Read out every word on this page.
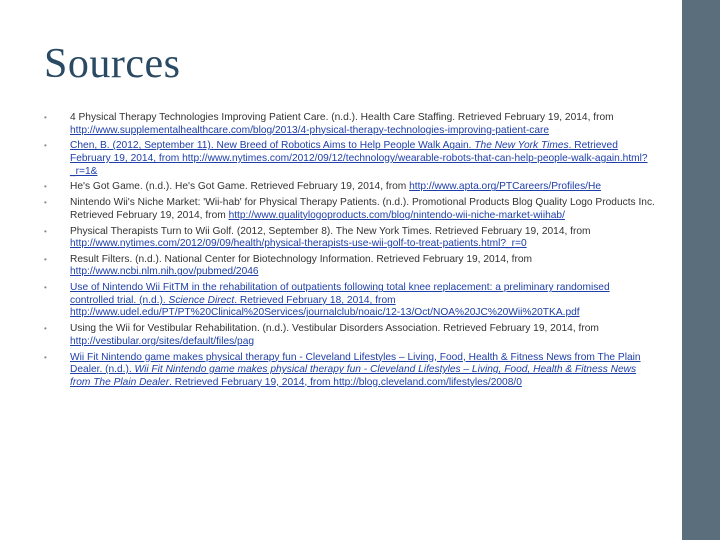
Sources
• 4 Physical Therapy Technologies Improving Patient Care. (n.d.). Health Care Staffing. Retrieved February 19, 2014, from http://www.supplementalhealthcare.com/blog/2013/4-physical-therapy-technologies-improving-patient-care
• Chen, B. (2012, September 11). New Breed of Robotics Aims to Help People Walk Again. The New York Times. Retrieved February 19, 2014, from http://www.nytimes.com/2012/09/12/technology/wearable-robots-that-can-help-people-walk-again.html?_r=1&
• He's Got Game. (n.d.). He's Got Game. Retrieved February 19, 2014, from http://www.apta.org/PTCareers/Profiles/He
• Nintendo Wii's Niche Market: 'Wii-hab' for Physical Therapy Patients. (n.d.). Promotional Products Blog Quality Logo Products Inc. Retrieved February 19, 2014, from http://www.qualitylogoproducts.com/blog/nintendo-wii-niche-market-wiihab/
• Physical Therapists Turn to Wii Golf. (2012, September 8). The New York Times. Retrieved February 19, 2014, from http://www.nytimes.com/2012/09/09/health/physical-therapists-use-wii-golf-to-treat-patients.html?_r=0
• Result Filters. (n.d.). National Center for Biotechnology Information. Retrieved February 19, 2014, from http://www.ncbi.nlm.nih.gov/pubmed/2046
• Use of Nintendo Wii FitTM in the rehabilitation of outpatients following total knee replacement: a preliminary randomised controlled trial. (n.d.). Science Direct. Retrieved February 18, 2014, from http://www.udel.edu/PT/PT%20Clinical%20Services/journalclub/noaic/12-13/Oct/NOA%20JC%20Wii%20TKA.pdf
• Using the Wii for Vestibular Rehabilitation. (n.d.). Vestibular Disorders Association. Retrieved February 19, 2014, from http://vestibular.org/sites/default/files/pag
• Wii Fit Nintendo game makes physical therapy fun - Cleveland Lifestyles – Living, Food, Health & Fitness News from The Plain Dealer. (n.d.). Wii Fit Nintendo game makes physical therapy fun - Cleveland Lifestyles – Living, Food, Health & Fitness News from The Plain Dealer. Retrieved February 19, 2014, from http://blog.cleveland.com/lifestyles/2008/0
